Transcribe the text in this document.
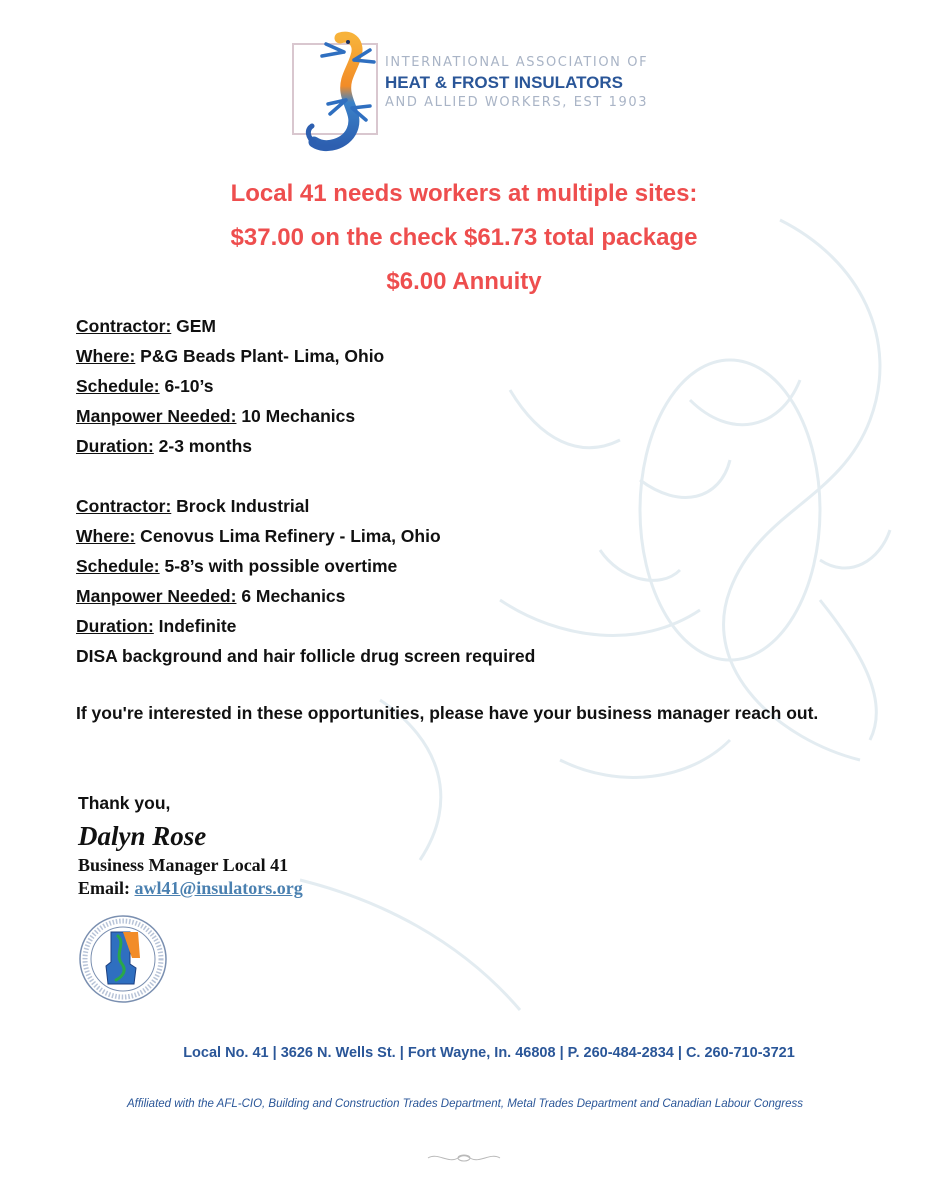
INTERNATIONAL ASSOCIATION OF
HEAT & FROST INSULATORS
AND ALLIED WORKERS, EST 1903
Local 41 needs workers at multiple sites:
$37.00 on the check $61.73 total package
$6.00 Annuity
Contractor: GEM
Where: P&G Beads Plant- Lima, Ohio
Schedule: 6-10’s
Manpower Needed: 10 Mechanics
Duration: 2-3 months
Contractor: Brock Industrial
Where: Cenovus Lima Refinery - Lima, Ohio
Schedule: 5-8’s with possible overtime
Manpower Needed: 6 Mechanics
Duration: Indefinite
DISA background and hair follicle drug screen required
If you're interested in these opportunities, please have your business manager reach out.
Thank you,
Dalyn Rose
Business Manager Local 41
Email: awl41@insulators.org
Local No. 41 | 3626 N. Wells St. | Fort Wayne, In. 46808 | P. 260-484-2834 | C. 260-710-3721
Affiliated with the AFL-CIO, Building and Construction Trades Department, Metal Trades Department and Canadian Labour Congress
